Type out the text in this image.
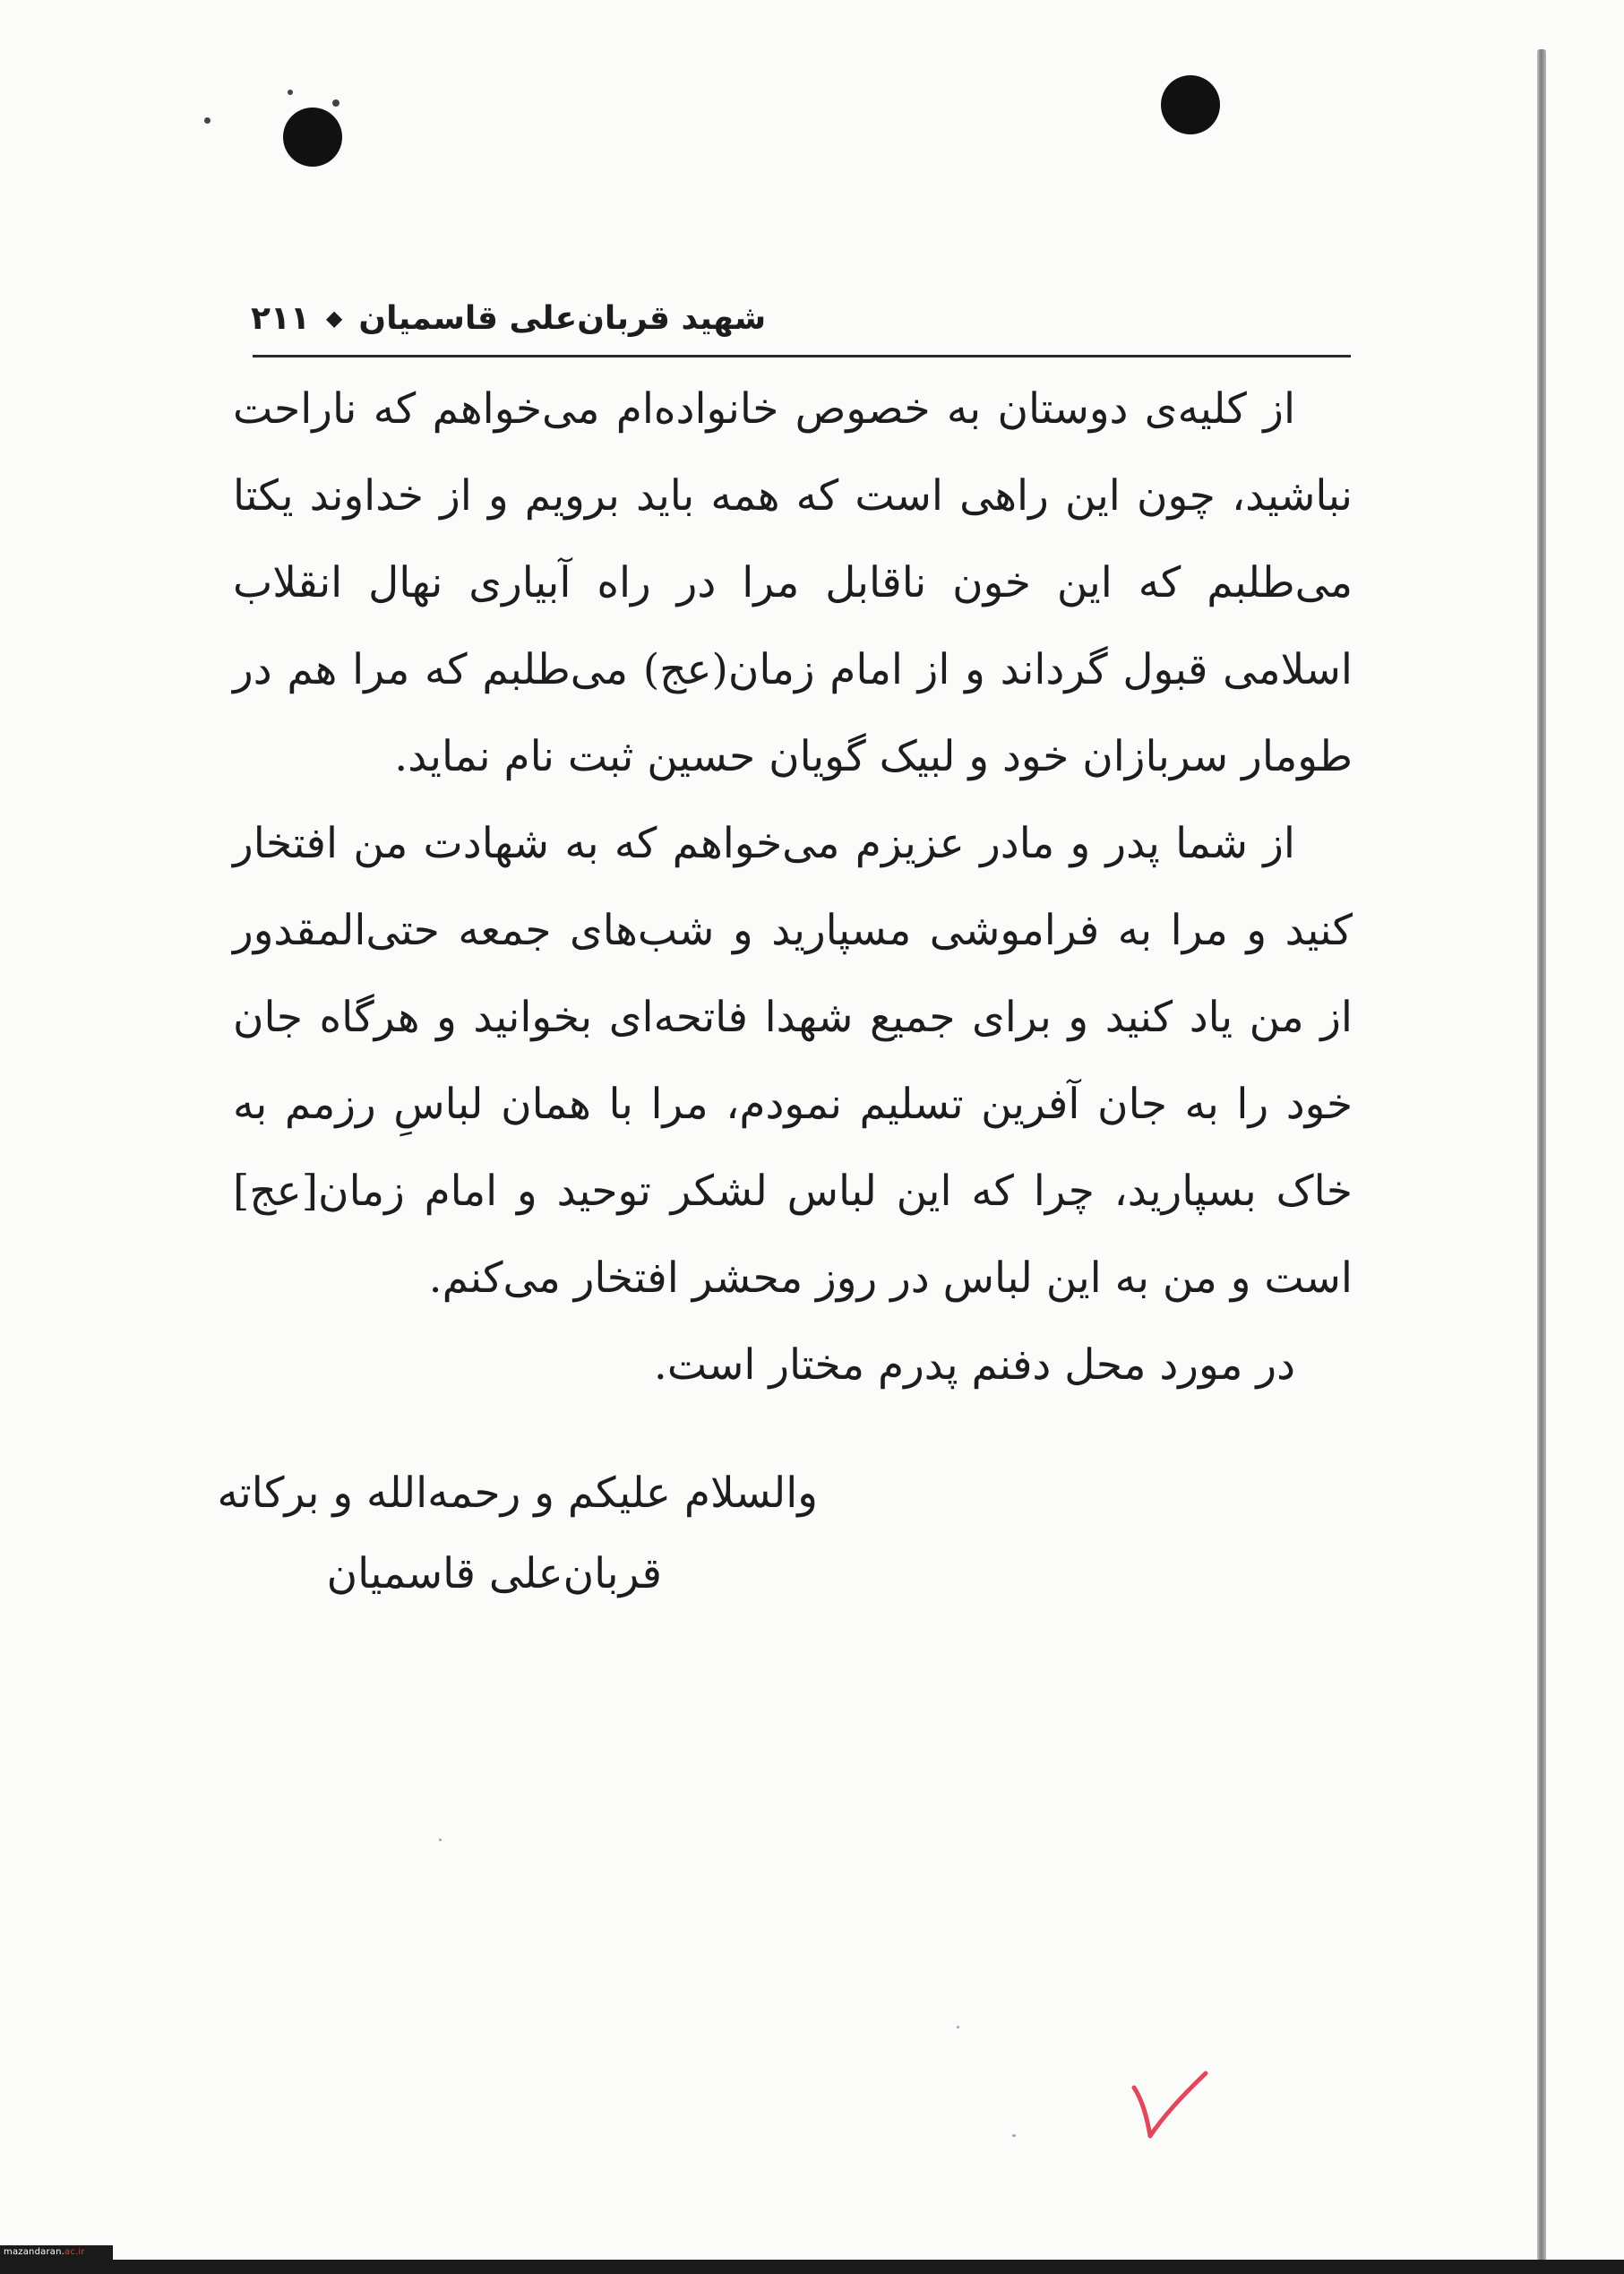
شهید قربان‌علی قاسمیان
◆
۲۱۱

از کلیه‌ی دوستان به خصوص خانواده‌ام می‌خواهم که ناراحت نباشید، چون این راهی است که همه باید برویم و از خداوند یکتا می‌طلبم که این خون ناقابل مرا در راه آبیاری نهال انقلاب اسلامی قبول گرداند و از امام زمان(عج) می‌طلبم که مرا هم در طومار سربازان خود و لبیک گویان حسین ثبت نام نماید.

از شما پدر و مادر عزیزم می‌خواهم که به شهادت من افتخار کنید و مرا به فراموشی مسپارید و شب‌های جمعه حتی‌المقدور از من یاد کنید و برای جمیع شهدا فاتحه‌ای بخوانید و هرگاه جان خود را به جان آفرین تسلیم نمودم، مرا با همان لباسِ رزمم به خاک بسپارید، چرا که این لباس لشکر توحید و امام زمان[عج] است و من به این لباس در روز محشر افتخار می‌کنم.

در مورد محل دفنم پدرم مختار است.

والسلام علیکم و رحمه‌الله و برکاته
قربان‌علی قاسمیان
mazandaran.ac.ir
